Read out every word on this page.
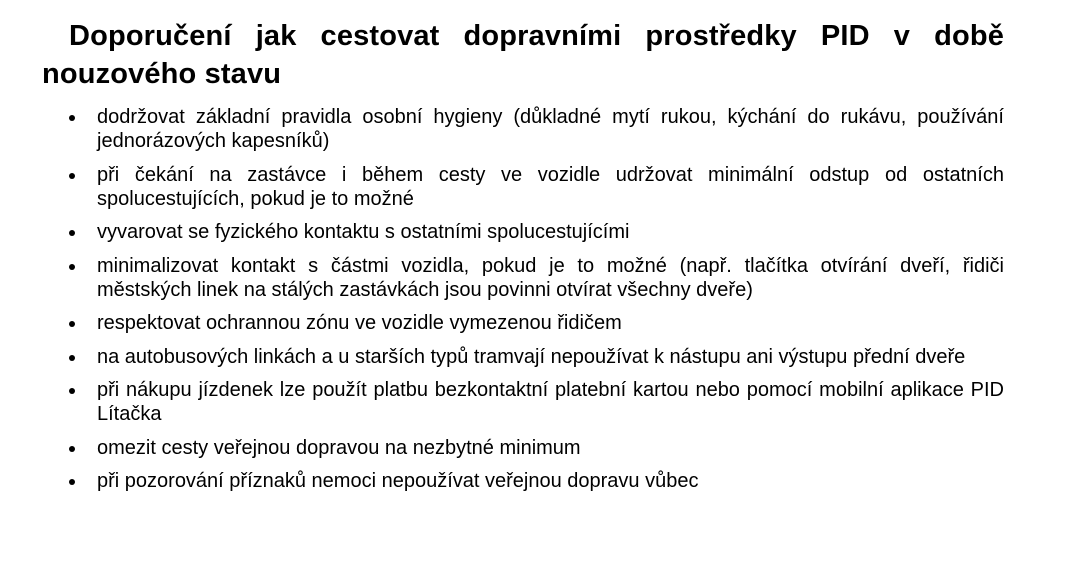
Doporučení jak cestovat dopravními prostředky PID v době nouzového stavu
dodržovat základní pravidla osobní hygieny (důkladné mytí rukou, kýchání do rukávu, používání jednorázových kapesníků)
při čekání na zastávce i během cesty ve vozidle udržovat minimální odstup od ostatních spolucestujících, pokud je to možné
vyvarovat se fyzického kontaktu s ostatními spolucestujícími
minimalizovat kontakt s částmi vozidla, pokud je to možné (např. tlačítka otvírání dveří, řidiči městských linek na stálých zastávkách jsou povinni otvírat všechny dveře)
respektovat ochrannou zónu ve vozidle vymezenou řidičem
na autobusových linkách a u starších typů tramvají nepoužívat k nástupu ani výstupu přední dveře
při nákupu jízdenek lze použít platbu bezkontaktní platební kartou nebo pomocí mobilní aplikace PID Lítačka
omezit cesty veřejnou dopravou na nezbytné minimum
při pozorování příznaků nemoci nepoužívat veřejnou dopravu vůbec
